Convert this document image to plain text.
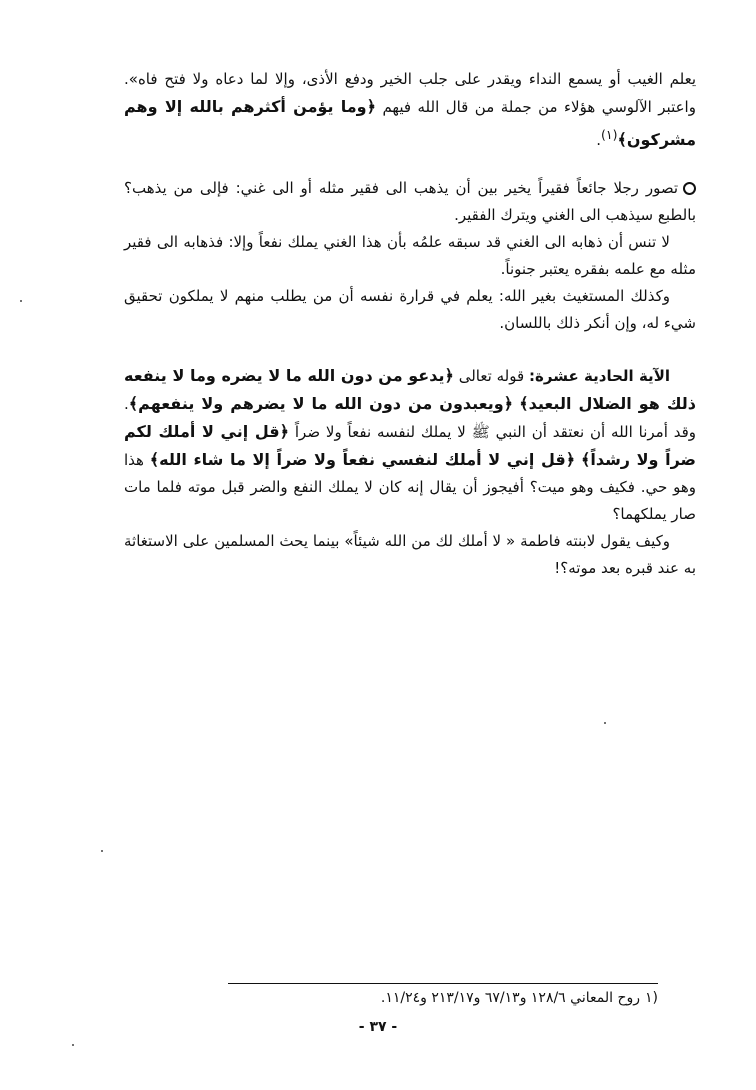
يعلم الغيب أو يسمع النداء ويقدر على جلب الخير ودفع الأذى، وإلا لما دعاه ولا فتح فاه». واعتبر الآلوسي هؤلاء من جملة من قال الله فيهم ﴿وما يؤمن أكثرهم بالله إلا وهم مشركون﴾$^{(١)}$.

تصور رجلا جائعاً فقيراً يخير بين أن يذهب الى فقير مثله أو الى غني: فإلى من يذهب؟ بالطبع سيذهب الى الغني ويترك الفقير.

لا تنس أن ذهابه الى الغني قد سبقه علمُه بأن هذا الغني يملك نفعاً وإلا: فذهابه الى فقير مثله مع علمه بفقره يعتبر جنوناً.

وكذلك المستغيث بغير الله: يعلم في قرارة نفسه أن من يطلب منهم لا يملكون تحقيق شيء له، وإن أنكر ذلك باللسان.

الآية الحادية عشرة: قوله تعالى ﴿يدعو من دون الله ما لا يضره وما لا ينفعه ذلك هو الضلال البعيد﴾ ﴿ويعبدون من دون الله ما لا يضرهم ولا ينفعهم﴾. وقد أمرنا الله أن نعتقد أن النبي ﷺ لا يملك لنفسه نفعاً ولا ضراً ﴿قل إني لا أملك لكم ضراً ولا رشداً﴾ ﴿قل إني لا أملك لنفسي نفعاً ولا ضراً إلا ما شاء الله﴾ هذا وهو حي. فكيف وهو ميت؟ أفيجوز أن يقال إنه كان لا يملك النفع والضر قبل موته فلما مات صار يملكهما؟

وكيف يقول لابنته فاطمة « لا أملك لك من الله شيئاً» بينما يحث المسلمين على الاستغاثة به عند قبره بعد موته؟!

١)
روح المعاني ١٢٨/٦ و٦٧/١٣ و٢١٣/١٧ و١١/٢٤.
- ٣٧ -
